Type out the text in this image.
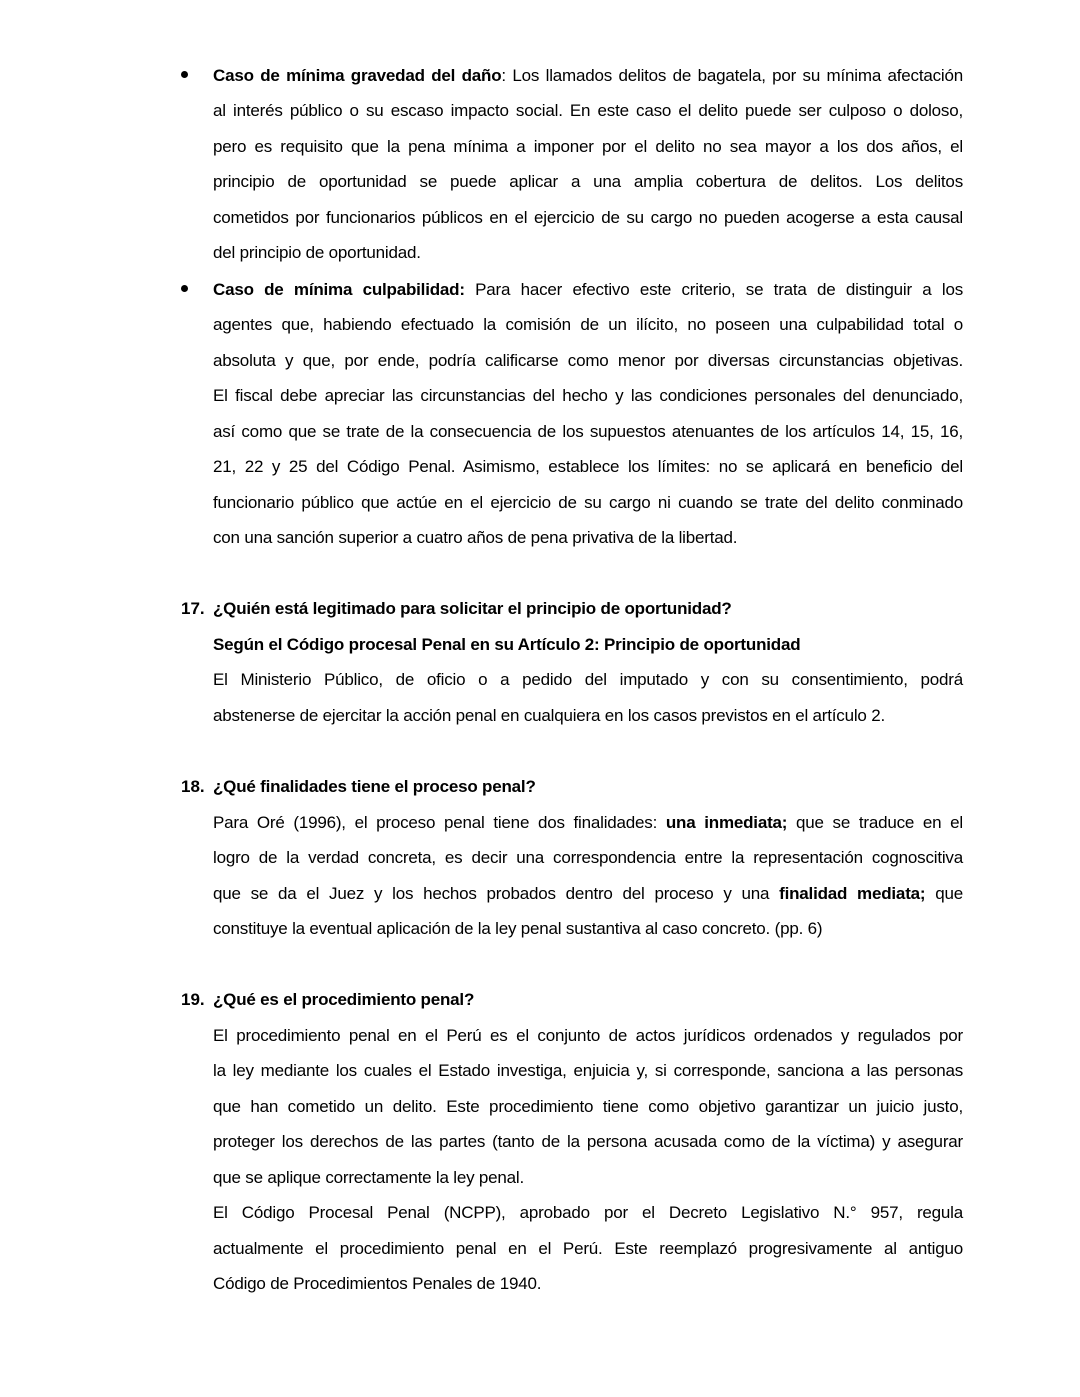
Caso de mínima gravedad del daño: Los llamados delitos de bagatela, por su mínima afectación
al interés público o su escaso impacto social. En este caso el delito puede ser culposo o doloso,
pero es requisito que la pena mínima a imponer por el delito no sea mayor a los dos años, el
principio de oportunidad se puede aplicar a una amplia cobertura de delitos. Los delitos
cometidos por funcionarios públicos en el ejercicio de su cargo no pueden acogerse a esta causal
del principio de oportunidad.
Caso de mínima culpabilidad: Para hacer efectivo este criterio, se trata de distinguir a los
agentes que, habiendo efectuado la comisión de un ilícito, no poseen una culpabilidad total o
absoluta y que, por ende, podría calificarse como menor por diversas circunstancias objetivas.
El fiscal debe apreciar las circunstancias del hecho y las condiciones personales del denunciado,
así como que se trate de la consecuencia de los supuestos atenuantes de los artículos 14, 15, 16,
21, 22 y 25 del Código Penal. Asimismo, establece los límites: no se aplicará en beneficio del
funcionario público que actúe en el ejercicio de su cargo ni cuando se trate del delito conminado
con una sanción superior a cuatro años de pena privativa de la libertad.
17. ¿Quién está legitimado para solicitar el principio de oportunidad?
Según el Código procesal Penal en su Artículo 2: Principio de oportunidad
El Ministerio Público, de oficio o a pedido del imputado y con su consentimiento, podrá
abstenerse de ejercitar la acción penal en cualquiera en los casos previstos en el artículo 2.
18. ¿Qué finalidades tiene el proceso penal?
Para Oré (1996), el proceso penal tiene dos finalidades: una inmediata; que se traduce en el
logro de la verdad concreta, es decir una correspondencia entre la representación cognoscitiva
que se da el Juez y los hechos probados dentro del proceso y una finalidad mediata; que
constituye la eventual aplicación de la ley penal sustantiva al caso concreto. (pp. 6)
19. ¿Qué es el procedimiento penal?
El procedimiento penal en el Perú es el conjunto de actos jurídicos ordenados y regulados por
la ley mediante los cuales el Estado investiga, enjuicia y, si corresponde, sanciona a las personas
que han cometido un delito. Este procedimiento tiene como objetivo garantizar un juicio justo,
proteger los derechos de las partes (tanto de la persona acusada como de la víctima) y asegurar
que se aplique correctamente la ley penal.
El Código Procesal Penal (NCPP), aprobado por el Decreto Legislativo N.° 957, regula
actualmente el procedimiento penal en el Perú. Este reemplazó progresivamente al antiguo
Código de Procedimientos Penales de 1940.
